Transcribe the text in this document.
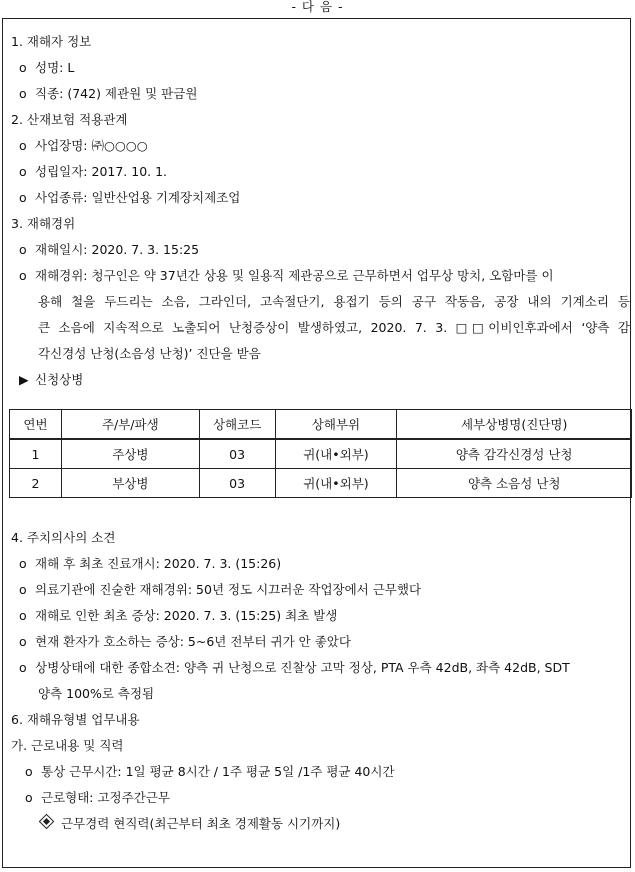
- 다 음 -
1. 재해자 정보
o 성명: L
o 직종: (742) 제관원 및 판금원
2. 산재보험 적용관계
o 사업장명: ㈜○○○○
o 성립일자: 2017. 10. 1.
o 사업종류: 일반산업용 기계장치제조업
3. 재해경위
o 재해일시: 2020. 7. 3. 15:25
o 재해경위: 청구인은 약 37년간 상용 및 일용직 제관공으로 근무하면서 업무상 망치, 오함마를 이
용해 철을 두드리는 소음, 그라인더, 고속절단기, 용접기 등의 공구 작동음, 공장 내의 기계소리 등
큰 소음에 지속적으로 노출되어 난청증상이 발생하였고, 2020. 7. 3. □□이비인후과에서 ‘양측 감
각신경성 난청(소음성 난청)’ 진단을 받음
▶ 신청상병
연번	주/부/파생	상해코드	상해부위	세부상병명(진단명)
1	주상병	03	귀(내•외부)	양측 감각신경성 난청
2	부상병	03	귀(내•외부)	양측 소음성 난청
4. 주치의사의 소견
o 재해 후 최초 진료개시: 2020. 7. 3. (15:26)
o 의료기관에 진술한 재해경위: 50년 정도 시끄러운 작업장에서 근무했다
o 재해로 인한 최초 증상: 2020. 7. 3. (15:25) 최초 발생
o 현재 환자가 호소하는 증상: 5~6년 전부터 귀가 안 좋았다
o 상병상태에 대한 종합소견: 양측 귀 난청으로 진찰상 고막 정상, PTA 우측 42dB, 좌측 42dB, SDT
양측 100%로 측정됨
6. 재해유형별 업무내용
가. 근로내용 및 직력
o 통상 근무시간: 1일 평균 8시간 / 1주 평균 5일 /1주 평균 40시간
o 근로형태: 고정주간근무
근무경력 현직력(최근부터 최초 경제활동 시기까지)
